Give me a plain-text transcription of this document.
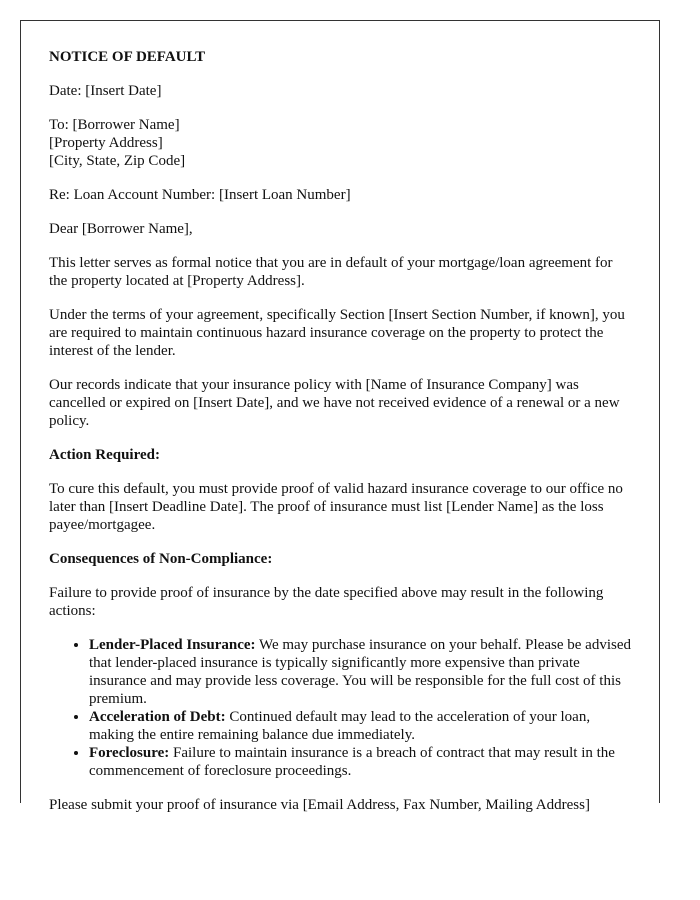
NOTICE OF DEFAULT

Date: [Insert Date]

To: [Borrower Name]
[Property Address]
[City, State, Zip Code]

Re: Loan Account Number: [Insert Loan Number]

Dear [Borrower Name],

This letter serves as formal notice that you are in default of your mortgage/loan agreement for the property located at [Property Address].

Under the terms of your agreement, specifically Section [Insert Section Number, if known], you are required to maintain continuous hazard insurance coverage on the property to protect the interest of the lender.

Our records indicate that your insurance policy with [Name of Insurance Company] was cancelled or expired on [Insert Date], and we have not received evidence of a renewal or a new policy.

Action Required:

To cure this default, you must provide proof of valid hazard insurance coverage to our office no later than [Insert Deadline Date]. The proof of insurance must list [Lender Name] as the loss payee/mortgagee.

Consequences of Non-Compliance:

Failure to provide proof of insurance by the date specified above may result in the following actions:

• Lender-Placed Insurance: We may purchase insurance on your behalf. Please be advised that lender-placed insurance is typically significantly more expensive than private insurance and may provide less coverage. You will be responsible for the full cost of this premium.
• Acceleration of Debt: Continued default may lead to the acceleration of your loan, making the entire remaining balance due immediately.
• Foreclosure: Failure to maintain insurance is a breach of contract that may result in the commencement of foreclosure proceedings.

Please submit your proof of insurance via [Email Address, Fax Number, Mailing Address]
